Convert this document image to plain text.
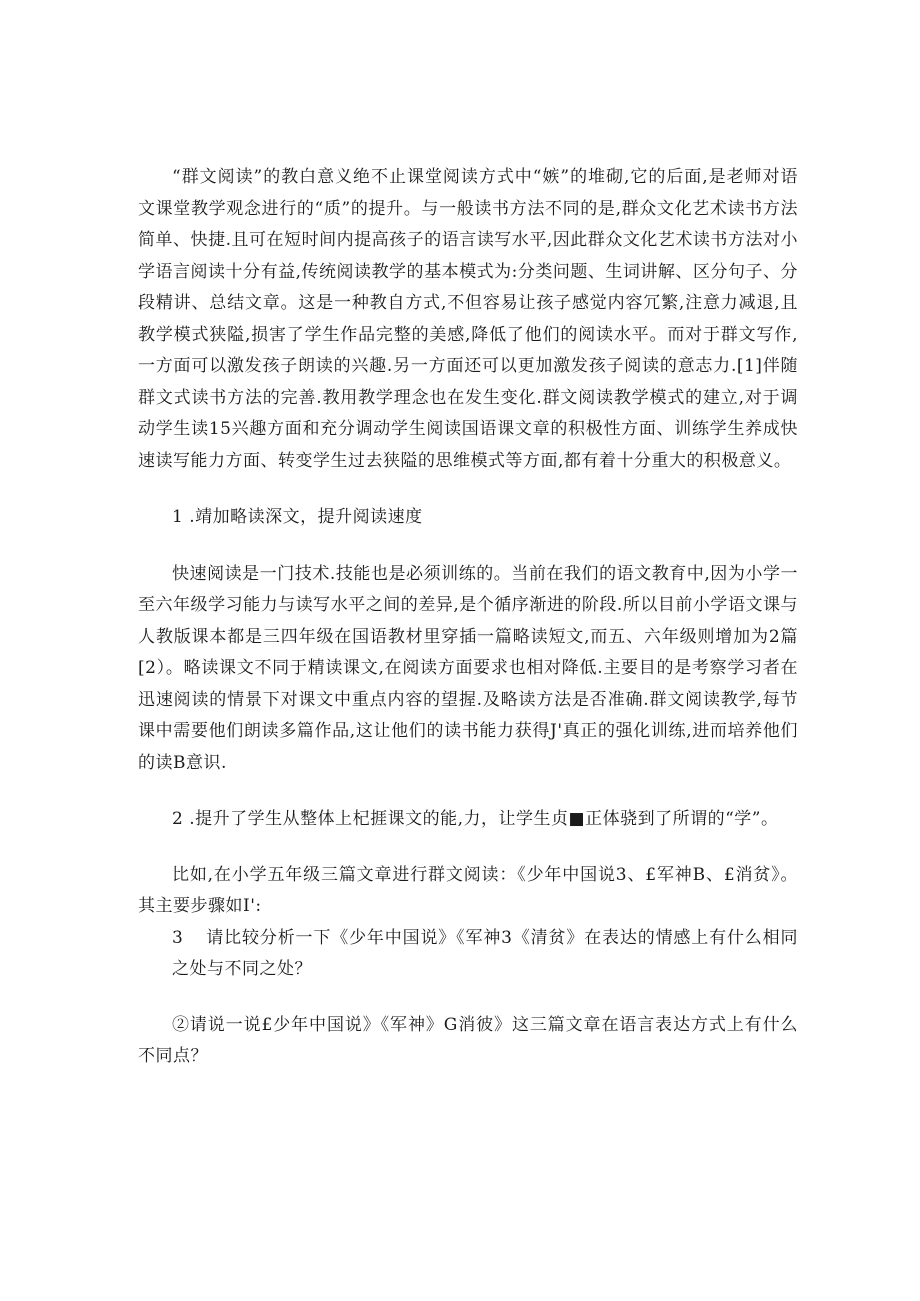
“群文阅读”的教白意义绝不止课堂阅读方式中“嫉”的堆砌,它的后面,是老师对语文课堂教学观念进行的“质”的提升。与一般读书方法不同的是,群众文化艺术读书方法简单、快捷.且可在短时间内提高孩子的语言读写水平,因此群众文化艺术读书方法对小学语言阅读十分有益,传统阅读教学的基本模式为:分类问题、生词讲解、区分句子、分段精讲、总结文章。这是一种教自方式,不但容易让孩子感觉内容冗繁,注意力减退,且教学模式狭隘,损害了学生作品完整的美感,降低了他们的阅读水平。而对于群文写作,一方面可以激发孩子朗读的兴趣.另一方面还可以更加激发孩子阅读的意志力.[1]伴随群文式读书方法的完善.教用教学理念也在发生变化.群文阅读教学模式的建立,对于调动学生读15兴趣方面和充分调动学生阅读国语课文章的积极性方面、训练学生养成快速读写能力方面、转变学生过去狭隘的思维模式等方面,都有着十分重大的积极意义。

1 .靖加略读深文，提升阅读速度

快速阅读是一门技术.技能也是必须训练的。当前在我们的语文教育中,因为小学一至六年级学习能力与读写水平之间的差异,是个循序渐进的阶段.所以目前小学语文课与人教版课本都是三四年级在国语教材里穿插一篇略读短文,而五、六年级则增加为2篇[2）。略读课文不同于精读课文,在阅读方面要求也相对降低.主要目的是考察学习者在迅速阅读的情景下对课文中重点内容的望握.及略读方法是否准确.群文阅读教学,每节课中需要他们朗读多篇作品,这让他们的读书能力获得J'真正的强化训练,进而培养他们的读B意识.

2 .提升了学生从整体上杞捱课文的能,力，让学生贞■正体骁到了所谓的“学”。

比如,在小学五年级三篇文章进行群文阅读：《少年中国说3、£军神B、£消贫》。其主要步骤如I':

3 请比较分析一下《少年中国说》《军神3《清贫》在表达的情感上有什么相同之处与不同之处？

②请说一说£少年中国说》《军神》G消彼》这三篇文章在语言表达方式上有什么不同点？
